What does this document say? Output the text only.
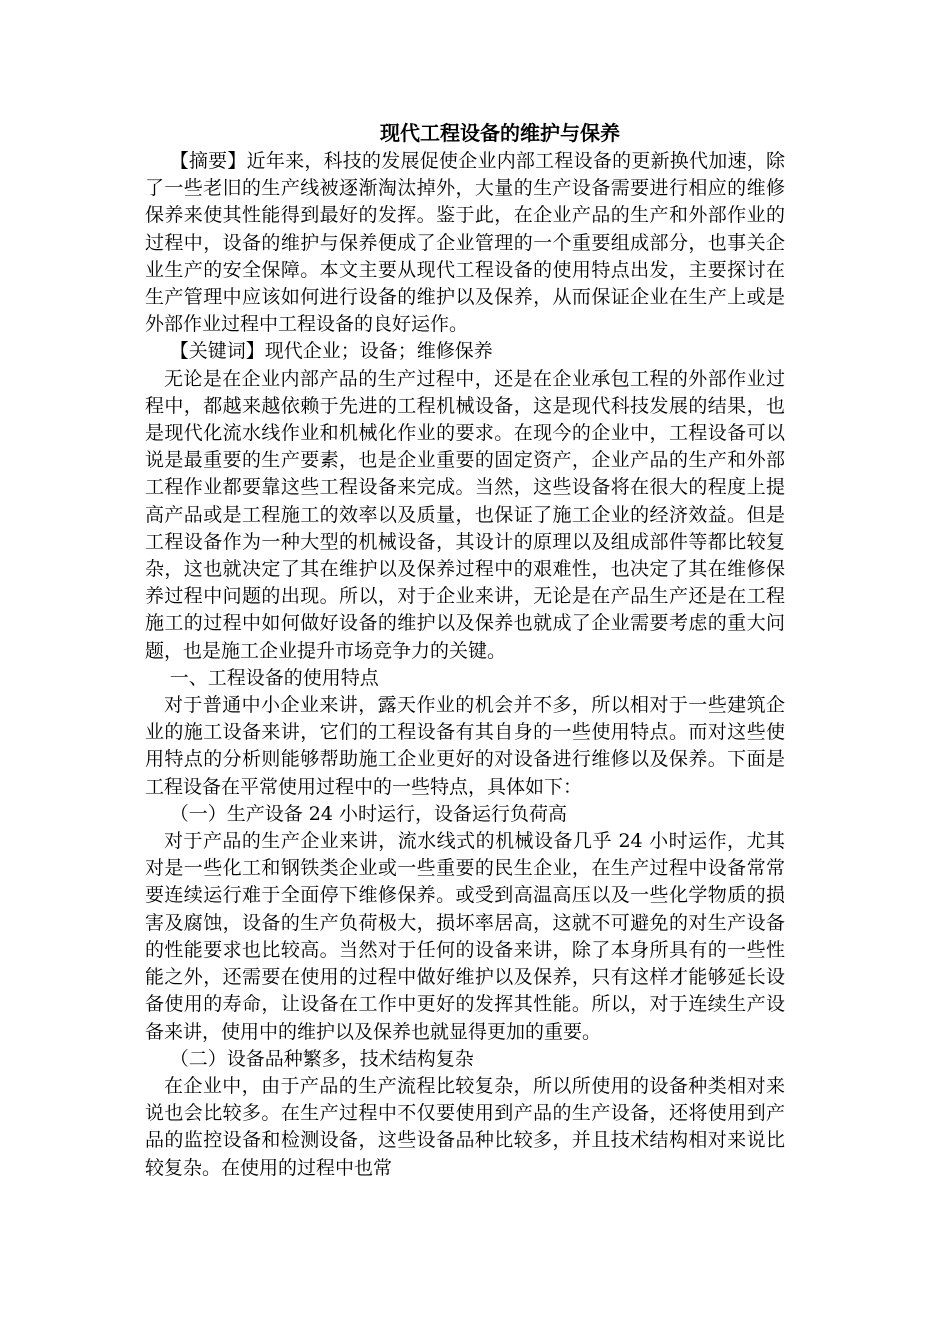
现代工程设备的维护与保养

【摘要】近年来，科技的发展促使企业内部工程设备的更新换代加速，除了一些老旧的生产线被逐渐淘汰掉外，大量的生产设备需要进行相应的维修保养来使其性能得到最好的发挥。鉴于此，在企业产品的生产和外部作业的过程中，设备的维护与保养便成了企业管理的一个重要组成部分，也事关企业生产的安全保障。本文主要从现代工程设备的使用特点出发，主要探讨在生产管理中应该如何进行设备的维护以及保养，从而保证企业在生产上或是外部作业过程中工程设备的良好运作。

【关键词】现代企业；设备；维修保养

无论是在企业内部产品的生产过程中，还是在企业承包工程的外部作业过程中，都越来越依赖于先进的工程机械设备，这是现代科技发展的结果，也是现代化流水线作业和机械化作业的要求。在现今的企业中，工程设备可以说是最重要的生产要素，也是企业重要的固定资产，企业产品的生产和外部工程作业都要靠这些工程设备来完成。当然，这些设备将在很大的程度上提高产品或是工程施工的效率以及质量，也保证了施工企业的经济效益。但是工程设备作为一种大型的机械设备，其设计的原理以及组成部件等都比较复杂，这也就决定了其在维护以及保养过程中的艰难性，也决定了其在维修保养过程中问题的出现。所以，对于企业来讲，无论是在产品生产还是在工程施工的过程中如何做好设备的维护以及保养也就成了企业需要考虑的重大问题，也是施工企业提升市场竞争力的关键。

一、工程设备的使用特点

对于普通中小企业来讲，露天作业的机会并不多，所以相对于一些建筑企业的施工设备来讲，它们的工程设备有其自身的一些使用特点。而对这些使用特点的分析则能够帮助施工企业更好的对设备进行维修以及保养。下面是工程设备在平常使用过程中的一些特点，具体如下：

（一）生产设备 24 小时运行，设备运行负荷高

对于产品的生产企业来讲，流水线式的机械设备几乎 24 小时运作，尤其对是一些化工和钢铁类企业或一些重要的民生企业，在生产过程中设备常常要连续运行难于全面停下维修保养。或受到高温高压以及一些化学物质的损害及腐蚀，设备的生产负荷极大，损坏率居高，这就不可避免的对生产设备的性能要求也比较高。当然对于任何的设备来讲，除了本身所具有的一些性能之外，还需要在使用的过程中做好维护以及保养，只有这样才能够延长设备使用的寿命，让设备在工作中更好的发挥其性能。所以，对于连续生产设备来讲，使用中的维护以及保养也就显得更加的重要。

（二）设备品种繁多，技术结构复杂

在企业中，由于产品的生产流程比较复杂，所以所使用的设备种类相对来说也会比较多。在生产过程中不仅要使用到产品的生产设备，还将使用到产品的监控设备和检测设备，这些设备品种比较多，并且技术结构相对来说比较复杂。在使用的过程中也常
